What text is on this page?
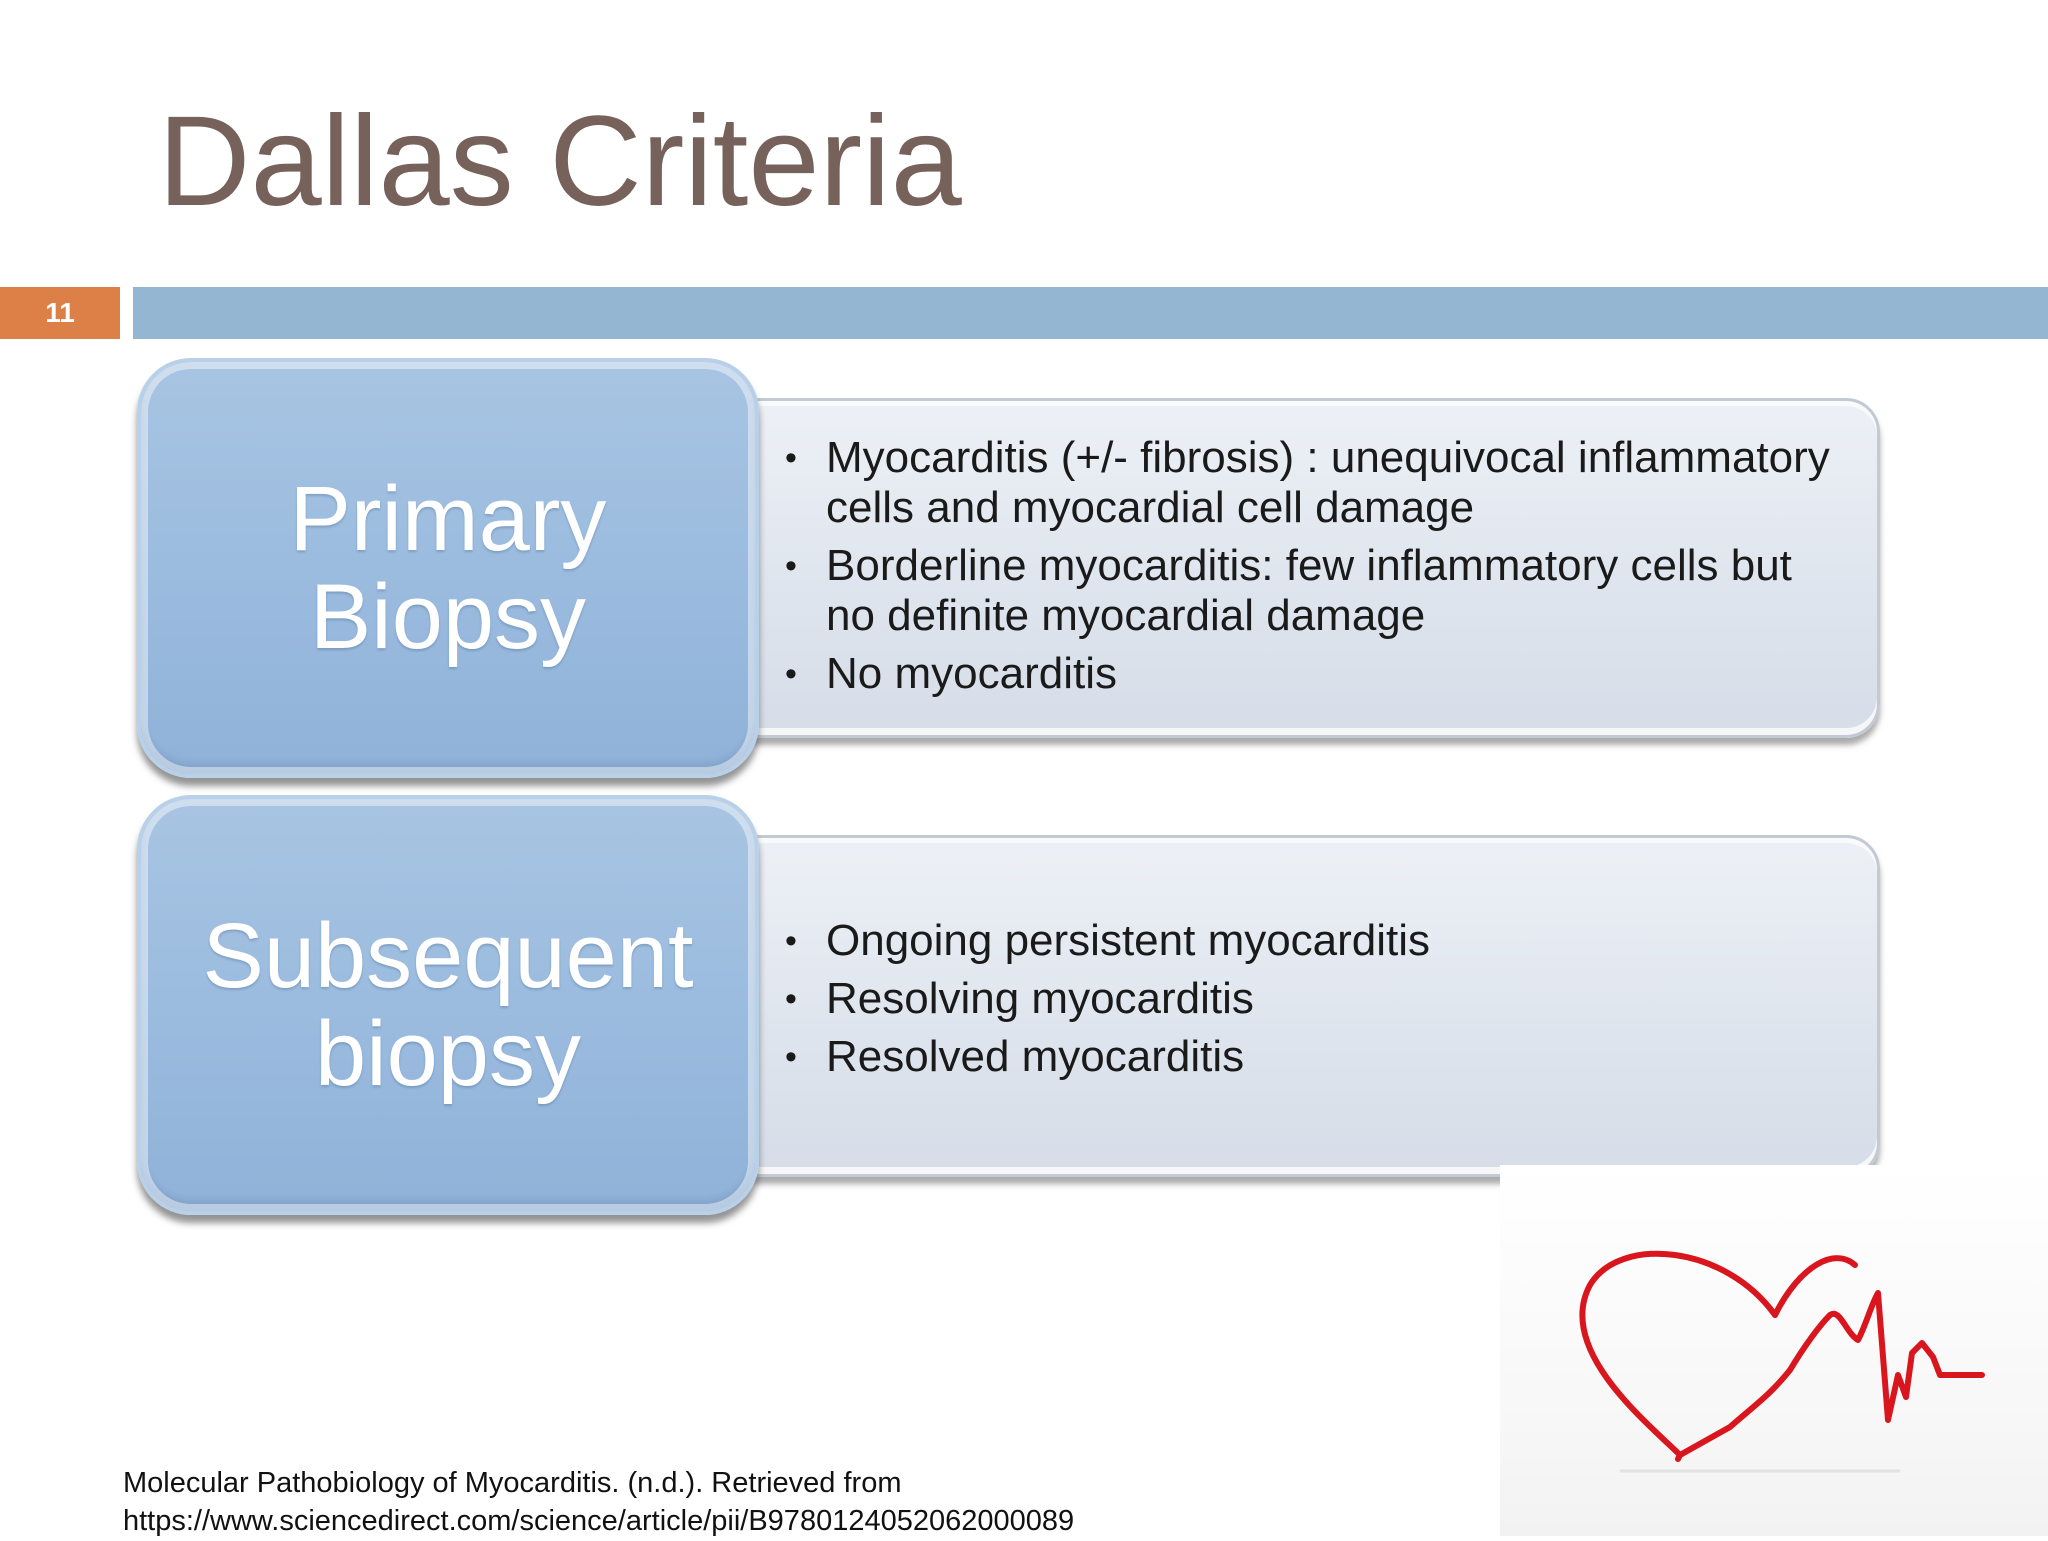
Dallas Criteria
11
• Myocarditis (+/- fibrosis) : unequivocal inflammatory cells and myocardial cell damage
• Borderline myocarditis: few inflammatory cells but no definite myocardial damage
• No myocarditis
Primary Biopsy
• Ongoing persistent myocarditis
• Resolving myocarditis
• Resolved myocarditis
Subsequent biopsy
Molecular Pathobiology of Myocarditis. (n.d.). Retrieved from
https://www.sciencedirect.com/science/article/pii/B9780124052062000089
